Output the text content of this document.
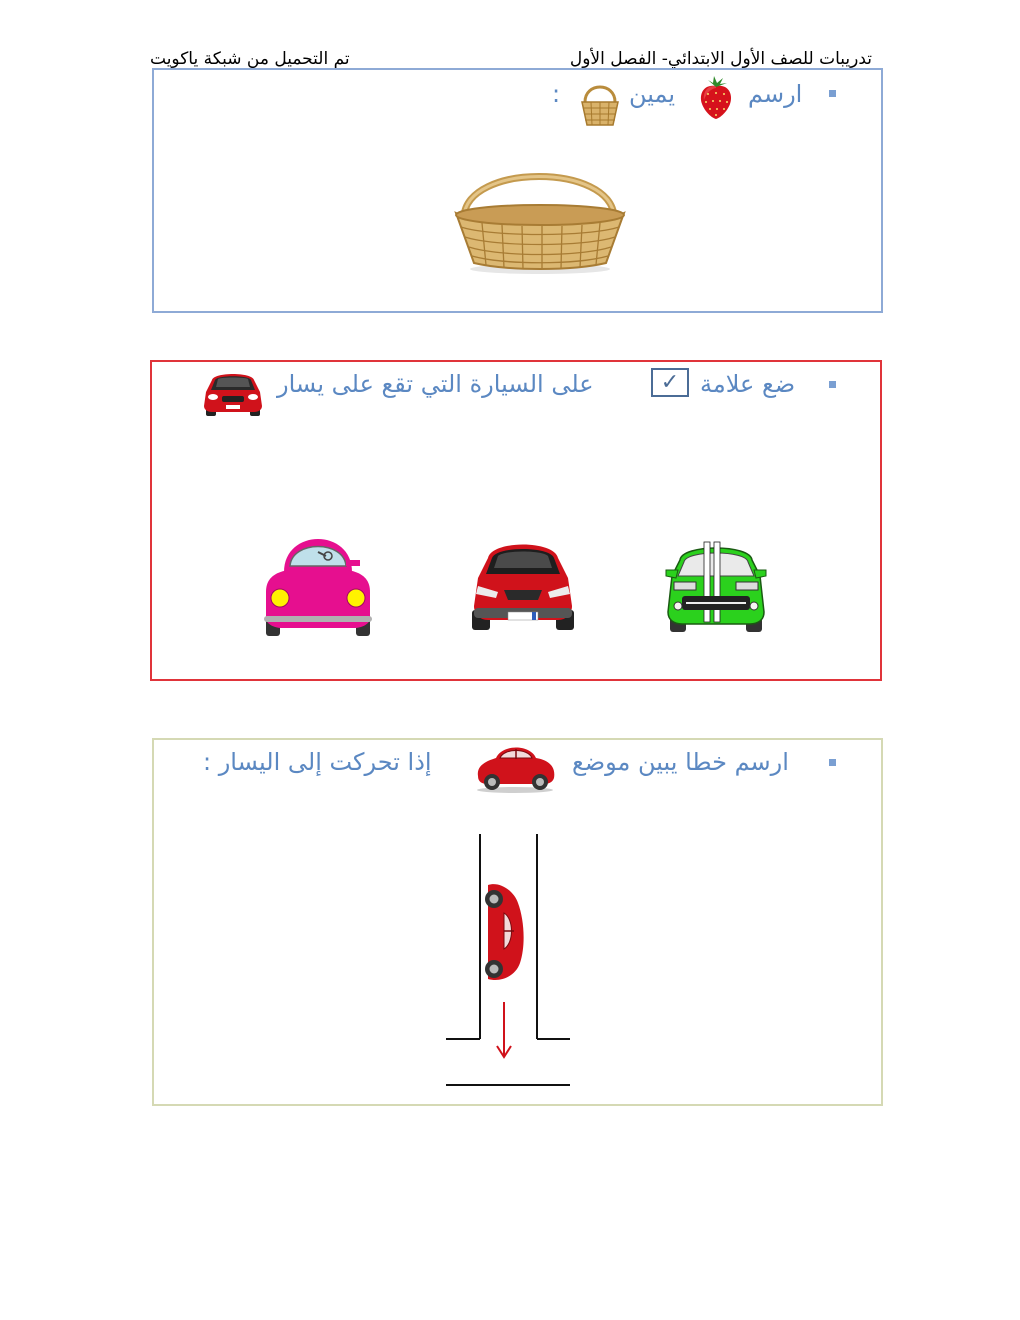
تم التحميل من شبكة ياكويت	تدريبات للصف الأول الابتدائي- الفصل الأول
ارسم
يمين
:
ضع علامة
✓
على السيارة التي تقع على يسار
ارسم خطا يبين موضع
إذا تحركت إلى اليسار :
